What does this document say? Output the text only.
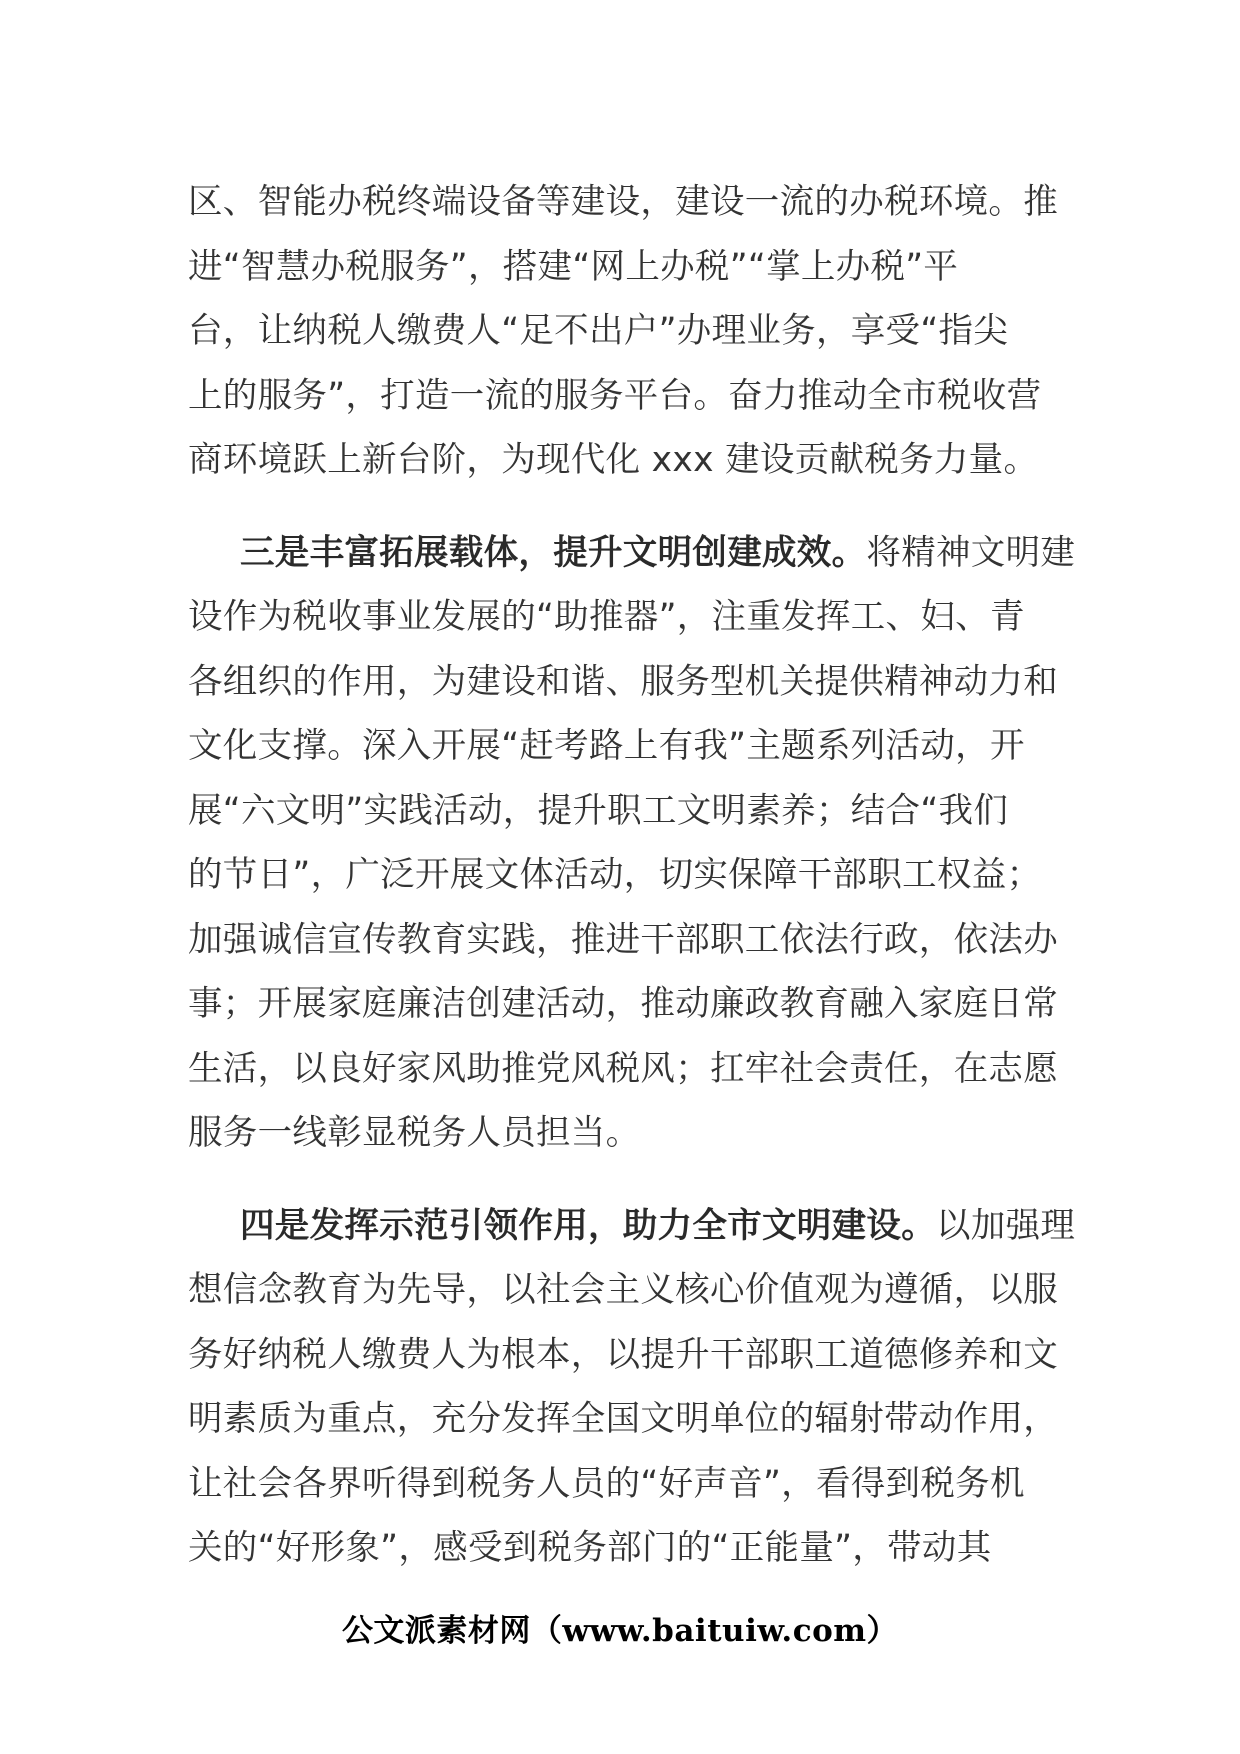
区、智能办税终端设备等建设，建设一流的办税环境。推
进“智慧办税服务”，搭建“网上办税”“掌上办税”平
台，让纳税人缴费人“足不出户”办理业务，享受“指尖
上的服务”，打造一流的服务平台。奋力推动全市税收营
商环境跃上新台阶，为现代化 xxx 建设贡献税务力量。

三是丰富拓展载体，提升文明创建成效。将精神文明建
设作为税收事业发展的“助推器”，注重发挥工、妇、青
各组织的作用，为建设和谐、服务型机关提供精神动力和
文化支撑。深入开展“赶考路上有我”主题系列活动，开
展“六文明”实践活动，提升职工文明素养；结合“我们
的节日”，广泛开展文体活动，切实保障干部职工权益；
加强诚信宣传教育实践，推进干部职工依法行政，依法办
事；开展家庭廉洁创建活动，推动廉政教育融入家庭日常
生活，以良好家风助推党风税风；扛牢社会责任，在志愿
服务一线彰显税务人员担当。

四是发挥示范引领作用，助力全市文明建设。以加强理
想信念教育为先导，以社会主义核心价值观为遵循，以服
务好纳税人缴费人为根本，以提升干部职工道德修养和文
明素质为重点，充分发挥全国文明单位的辐射带动作用，
让社会各界听得到税务人员的“好声音”，看得到税务机
关的“好形象”，感受到税务部门的“正能量”，带动其

公文派素材网（www.baituiw.com）
